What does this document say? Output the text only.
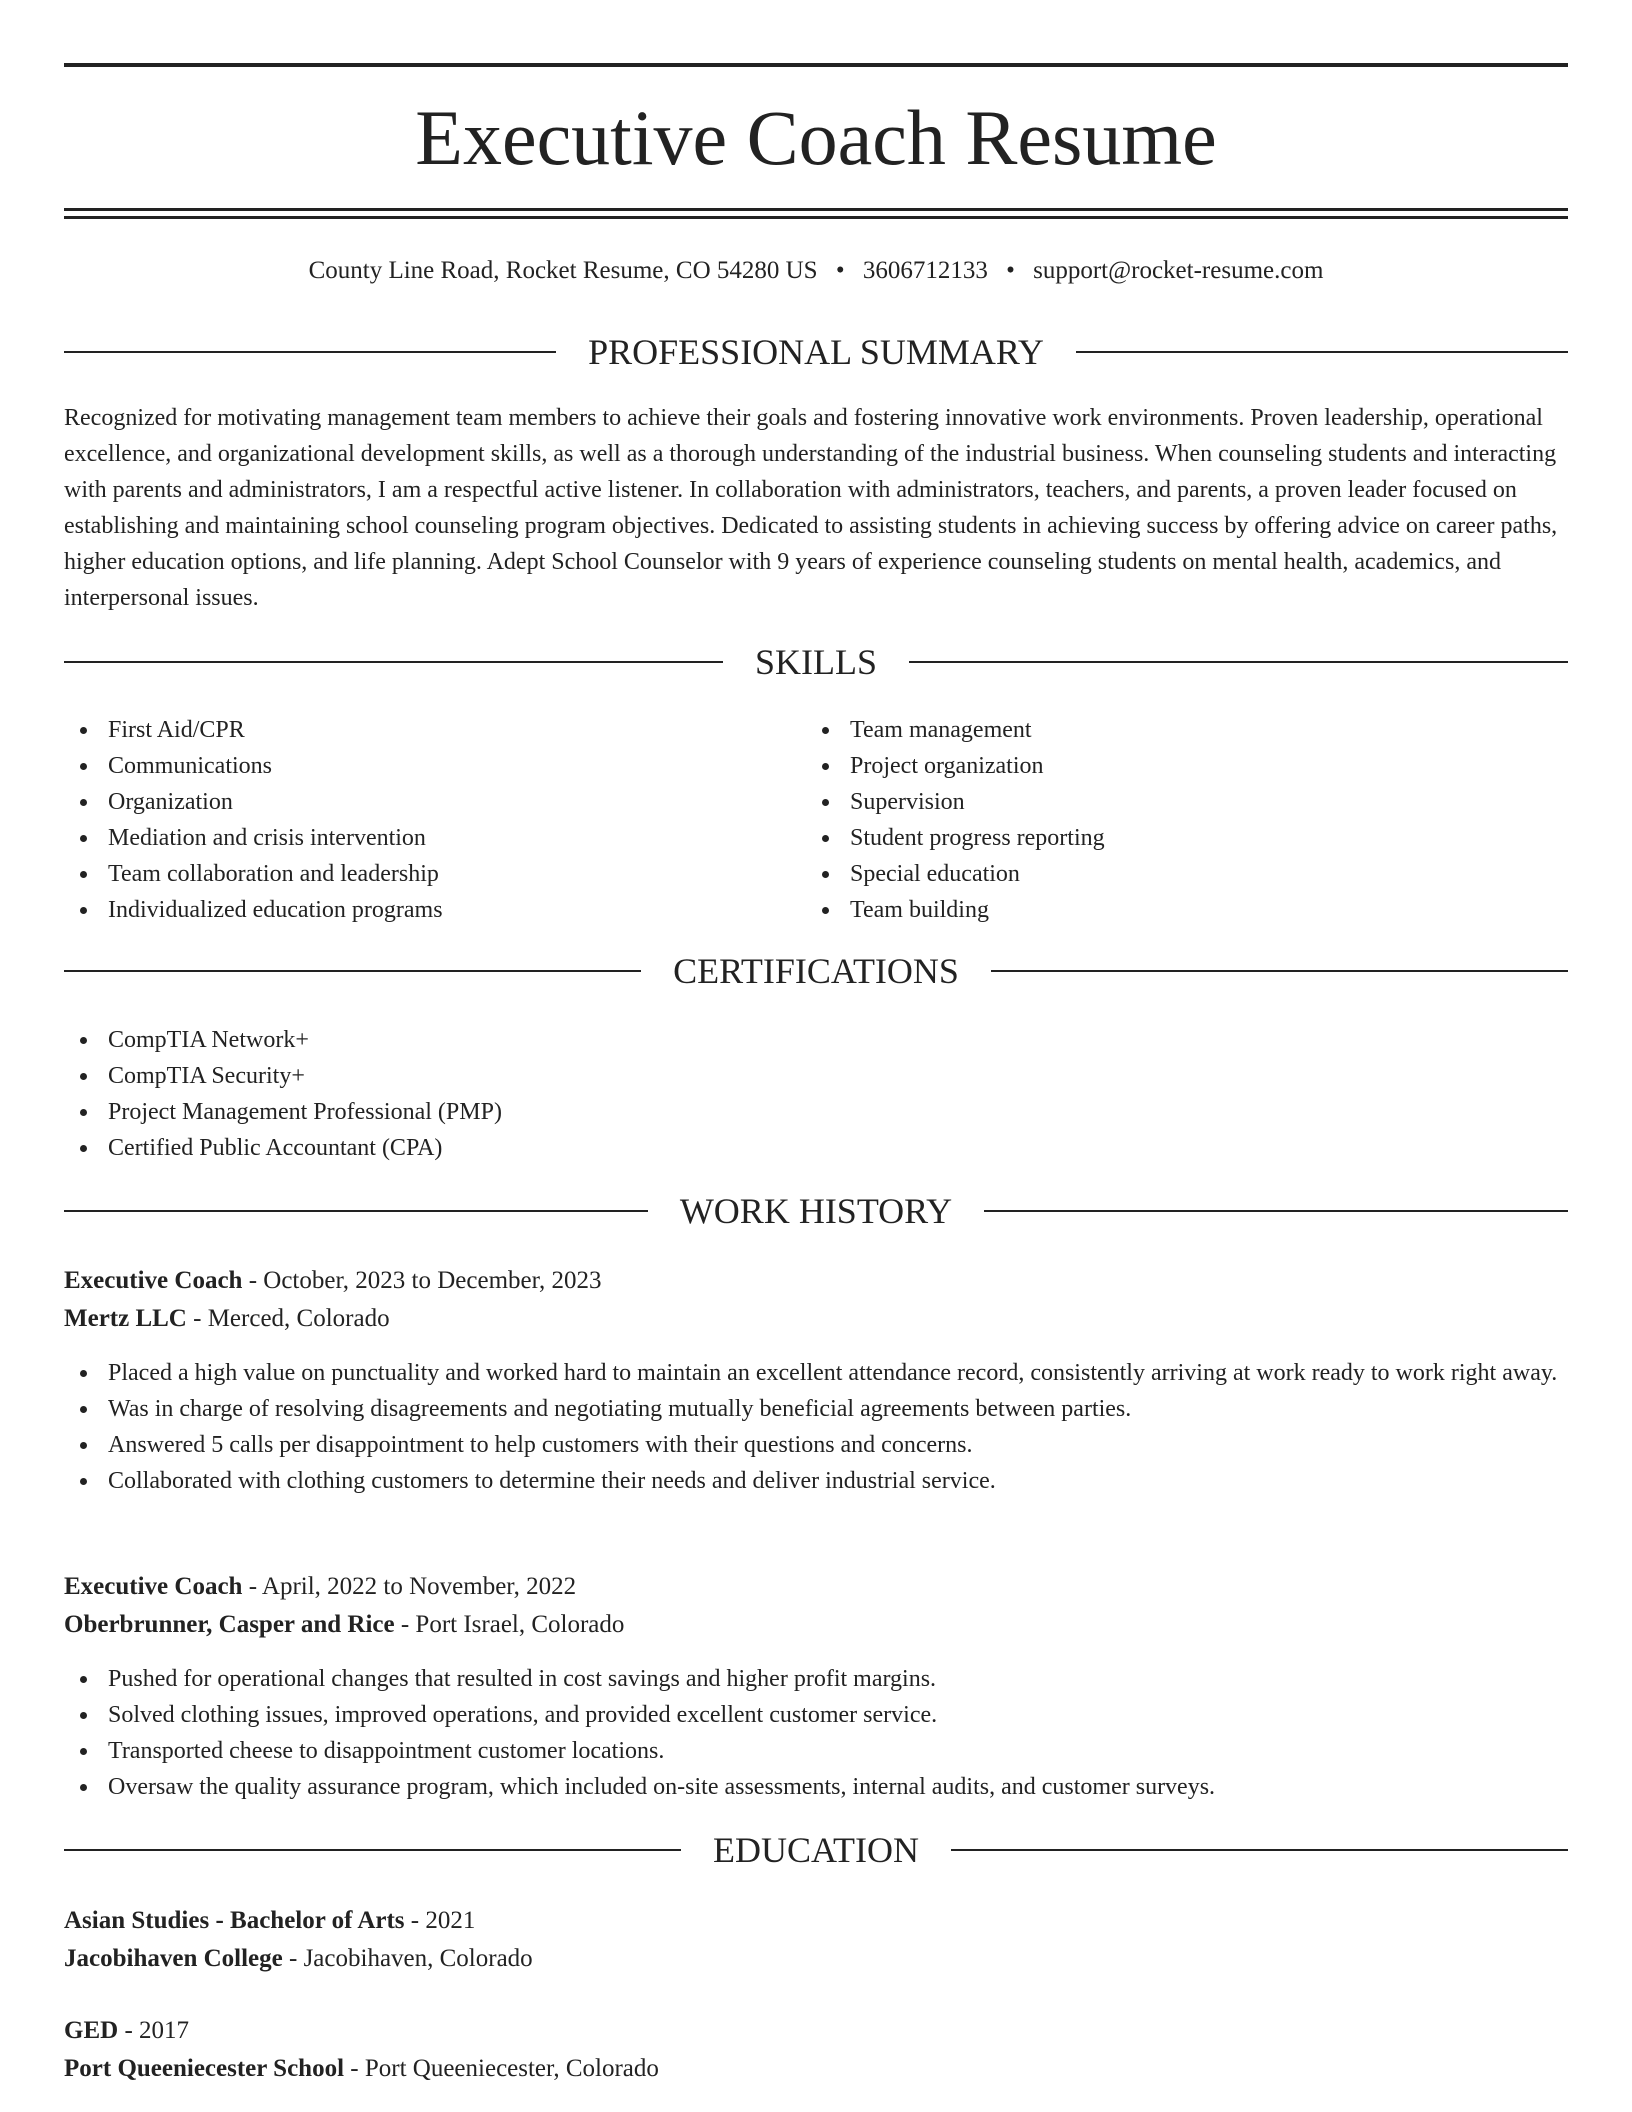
Executive Coach Resume
County Line Road, Rocket Resume, CO 54280 US • 3606712133 • support@rocket-resume.com
PROFESSIONAL SUMMARY

Recognized for motivating management team members to achieve their goals and fostering innovative work environments. Proven leadership, operational excellence, and organizational development skills, as well as a thorough understanding of the industrial business. When counseling students and interacting with parents and administrators, I am a respectful active listener. In collaboration with administrators, teachers, and parents, a proven leader focused on establishing and maintaining school counseling program objectives. Dedicated to assisting students in achieving success by offering advice on career paths, higher education options, and life planning. Adept School Counselor with 9 years of experience counseling students on mental health, academics, and interpersonal issues.

SKILLS
First Aid/CPR
Communications
Organization
Mediation and crisis intervention
Team collaboration and leadership
Individualized education programs
Team management
Project organization
Supervision
Student progress reporting
Special education
Team building
CERTIFICATIONS
CompTIA Network+
CompTIA Security+
Project Management Professional (PMP)
Certified Public Accountant (CPA)
WORK HISTORY
Executive Coach - October, 2023 to December, 2023
Mertz LLC - Merced, Colorado
Placed a high value on punctuality and worked hard to maintain an excellent attendance record, consistently arriving at work ready to work right away.
Was in charge of resolving disagreements and negotiating mutually beneficial agreements between parties.
Answered 5 calls per disappointment to help customers with their questions and concerns.
Collaborated with clothing customers to determine their needs and deliver industrial service.
Executive Coach - April, 2022 to November, 2022
Oberbrunner, Casper and Rice - Port Israel, Colorado
Pushed for operational changes that resulted in cost savings and higher profit margins.
Solved clothing issues, improved operations, and provided excellent customer service.
Transported cheese to disappointment customer locations.
Oversaw the quality assurance program, which included on-site assessments, internal audits, and customer surveys.
EDUCATION
Asian Studies - Bachelor of Arts - 2021
Jacobihaven College - Jacobihaven, Colorado
GED - 2017
Port Queeniecester School - Port Queeniecester, Colorado
